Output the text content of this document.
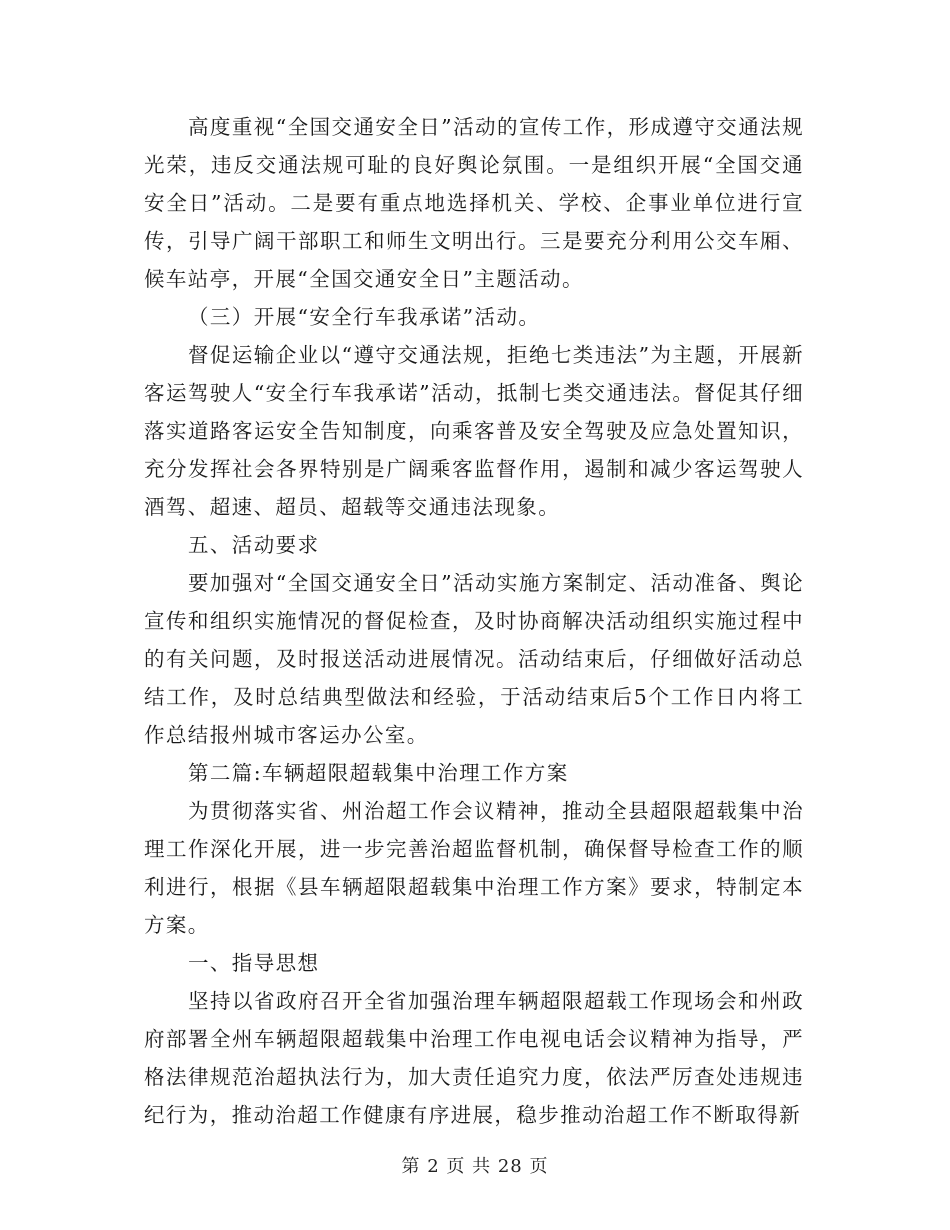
高度重视“全国交通安全日”活动的宣传工作，形成遵守交通法规光荣，违反交通法规可耻的良好舆论氛围。一是组织开展“全国交通安全日”活动。二是要有重点地选择机关、学校、企事业单位进行宣传，引导广阔干部职工和师生文明出行。三是要充分利用公交车厢、候车站亭，开展“全国交通安全日”主题活动。

（三）开展“安全行车我承诺”活动。

督促运输企业以“遵守交通法规，拒绝七类违法”为主题，开展新客运驾驶人“安全行车我承诺”活动，抵制七类交通违法。督促其仔细落实道路客运安全告知制度，向乘客普及安全驾驶及应急处置知识，充分发挥社会各界特别是广阔乘客监督作用，遏制和减少客运驾驶人酒驾、超速、超员、超载等交通违法现象。

五、活动要求

要加强对“全国交通安全日”活动实施方案制定、活动准备、舆论宣传和组织实施情况的督促检查，及时协商解决活动组织实施过程中的有关问题，及时报送活动进展情况。活动结束后，仔细做好活动总结工作，及时总结典型做法和经验，于活动结束后5个工作日内将工作总结报州城市客运办公室。

第二篇:车辆超限超载集中治理工作方案

为贯彻落实省、州治超工作会议精神，推动全县超限超载集中治理工作深化开展，进一步完善治超监督机制，确保督导检查工作的顺利进行，根据《县车辆超限超载集中治理工作方案》要求，特制定本方案。

一、指导思想

坚持以省政府召开全省加强治理车辆超限超载工作现场会和州政府部署全州车辆超限超载集中治理工作电视电话会议精神为指导，严格法律规范治超执法行为，加大责任追究力度，依法严厉查处违规违纪行为，推动治超工作健康有序进展，稳步推动治超工作不断取得新

第 2 页 共 28 页
